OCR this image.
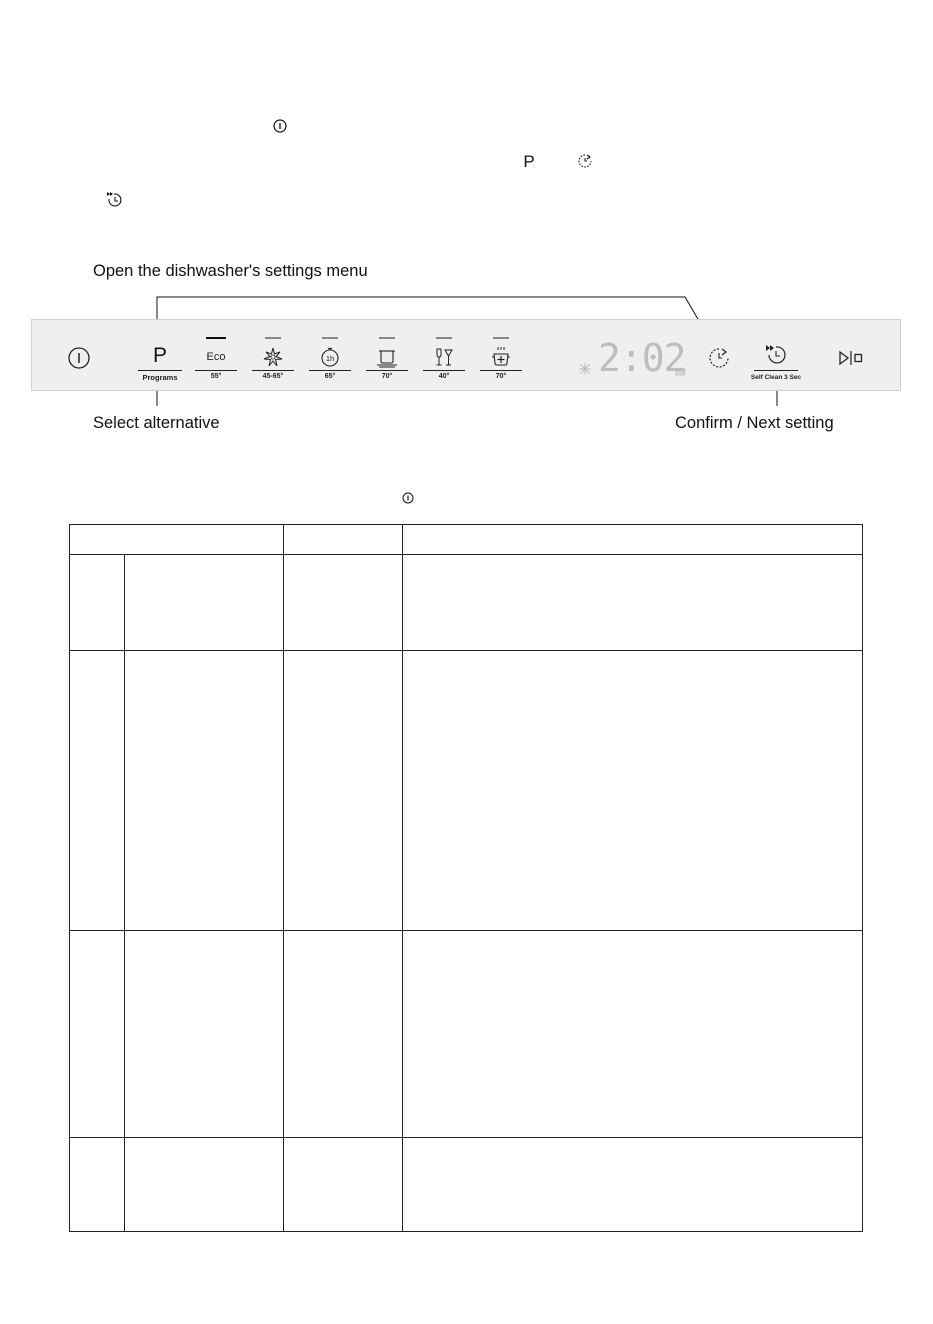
P
Open the dishwasher's settings menu
Select alternative	Confirm / Next setting
P
Programs
Eco
55°	45-65°
1h
65°	70°	40°	70°	2:02	Self Clean 3 Sec
